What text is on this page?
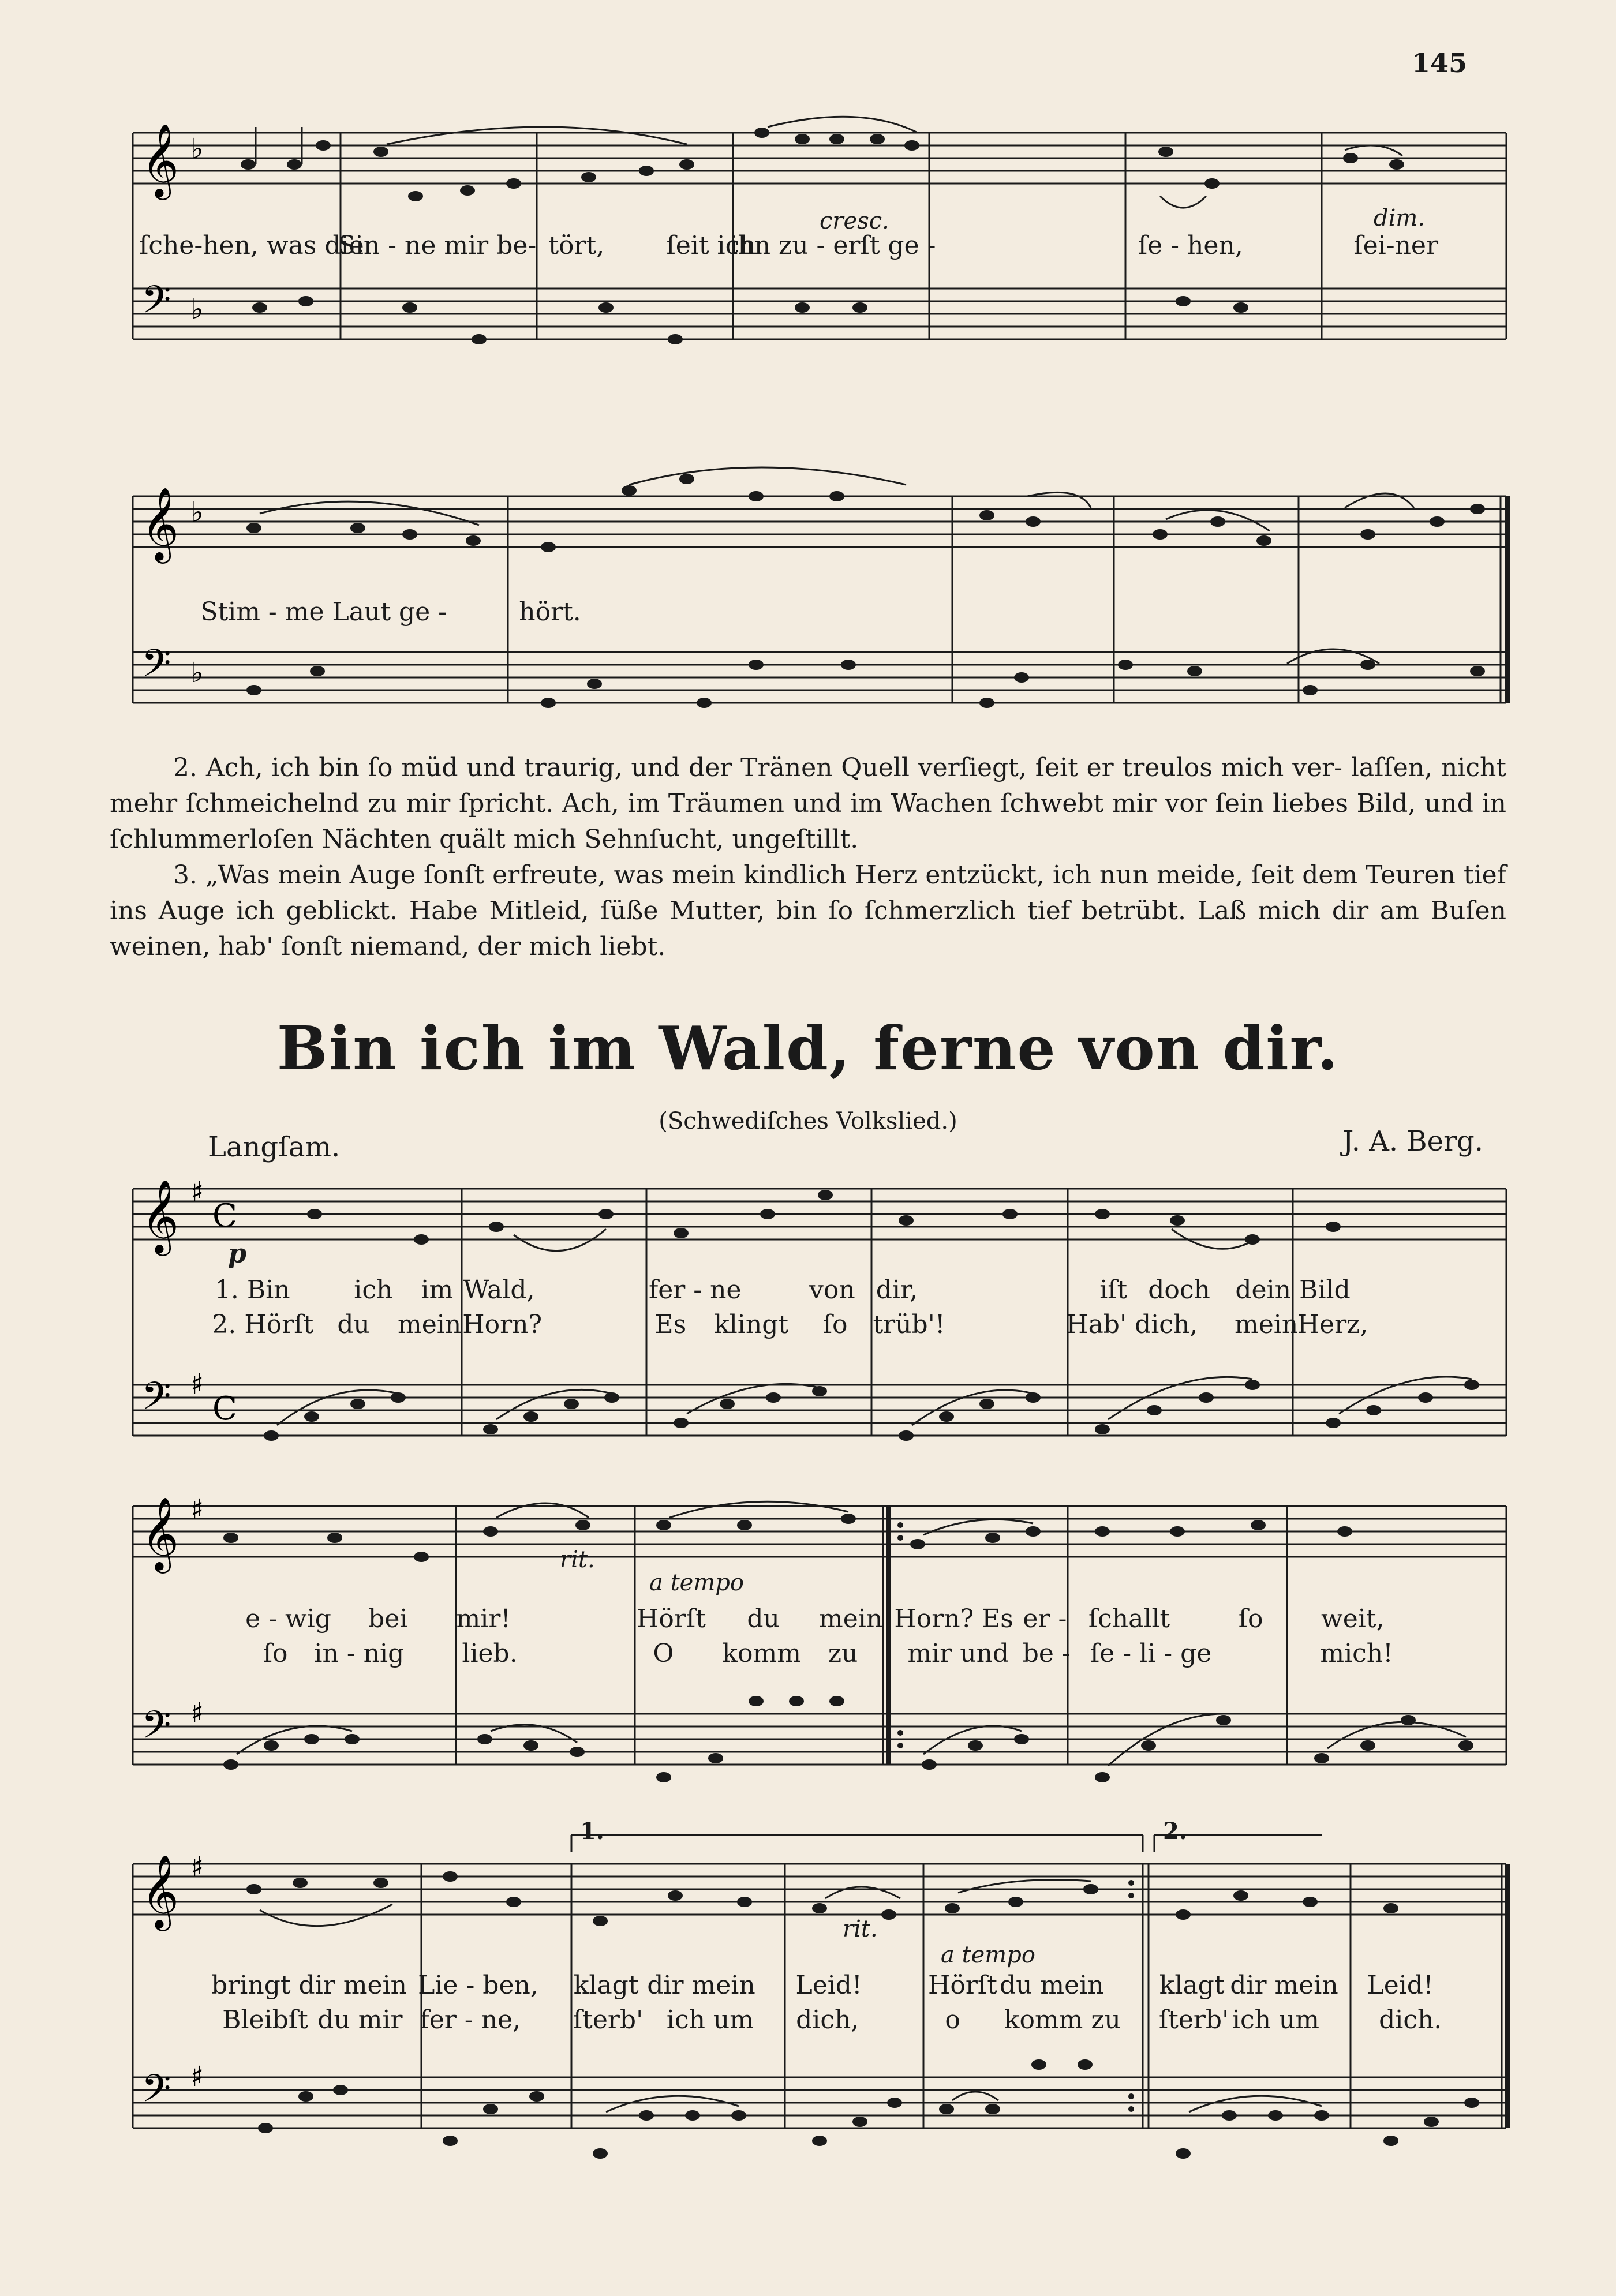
145
𝄞
𝄢
♭
♭
cresc.	dim.
ſche-hen, was die
Sin - ne mir be- tört, ſeit ich
ihn zu - erſt ge -	ſe - hen,	ſei-ner
𝄞
𝄢
♭
♭
Stim - me Laut ge -	hört.

2. Ach, ich bin ſo müd und traurig, und der Tränen Quell verſiegt, ſeit er treulos mich ver- laſſen, nicht mehr ſchmeichelnd zu mir ſpricht. Ach, im Träumen und im Wachen ſchwebt mir vor ſein liebes Bild, und in ſchlummerloſen Nächten quält mich Sehnſucht, ungeſtillt.

3. „Was mein Auge ſonſt erfreute, was mein kindlich Herz entzückt, ich nun meide, ſeit dem Teuren tief ins Auge ich geblickt. Habe Mitleid, ſüße Mutter, bin ſo ſchmerzlich tief betrübt. Laß mich dir am Buſen weinen, hab' ſonſt niemand, der mich liebt.

Bin ich im Wald, ferne von dir.
(Schwediſches Volkslied.)
Langſam.	J. A. Berg.
𝄞
𝄢
♯
♯
C
C
p
1. Bin	ich im Wald,	fer - ne	von dir,	iſt doch dein Bild
2. Hörſt du mein Horn?	Es klingt ſo trüb'!	Hab' dich, mein
Herz,
𝄞
𝄢
♯
♯
rit.
a tempo
e - wig bei mir!	Hörſt du mein Horn? Es er - ſchallt	ſo weit,
ſo in - nig lieb.	O komm zu mir und be - ſe - li - ge	mich!
𝄞
𝄢
♯
♯
1.	2.
rit.
a tempo
bringt dir mein Lie - ben, klagt dir mein Leid!	Hörſt du mein klagt dir mein Leid!
Bleibſt du mir fer - ne, ſterb' ich um dich,	o komm zu ſterb' ich um dich.
